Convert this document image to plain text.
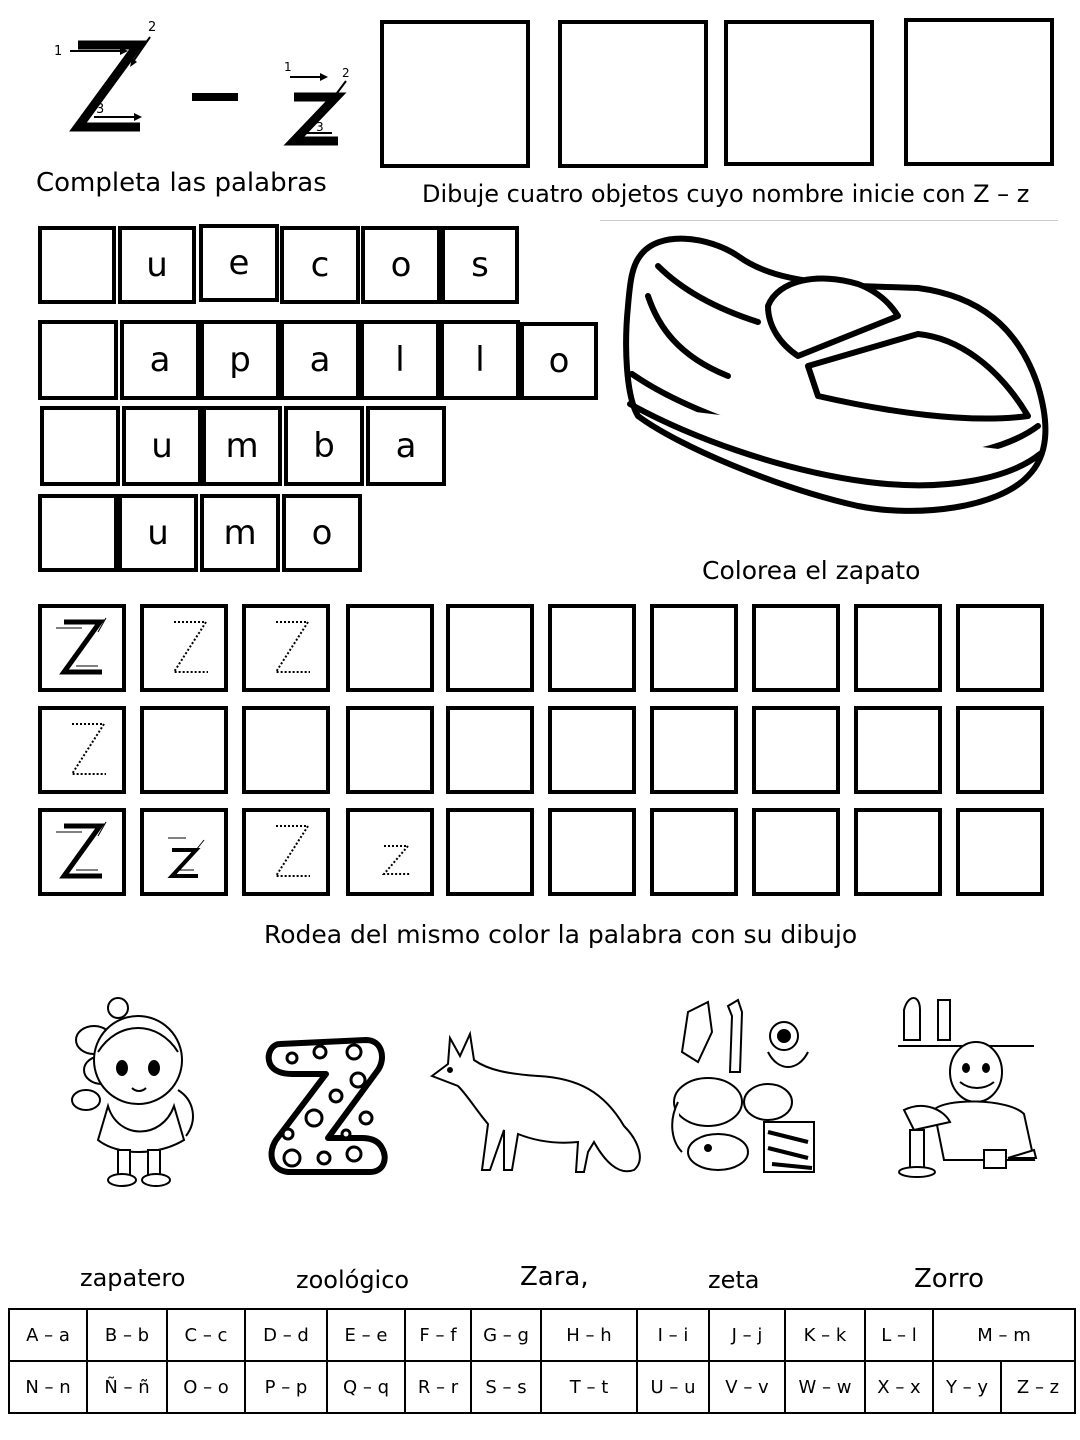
1
2
3
1	2
3
Completa las palabras	Dibuje cuatro objetos cuyo nombre inicie con Z – z
u	e	c	o	s
a	p	a	l	l	o
u	m	b	a
u	m	o
Colorea el zapato
Rodea del mismo color la palabra con su dibujo
zapatero	zoológico	Zara,	zeta	Zorro
A – a	B – b	C – c	D – d	E – e	F – f	G – g	H – h	I – i	J – j	K – k	L – l	M – m	
N – n	Ñ – ñ	O – o	P – p	Q – q	R – r	S – s	T – t	U – u	V – v	W – w	X – x	Y – y	Z – z
